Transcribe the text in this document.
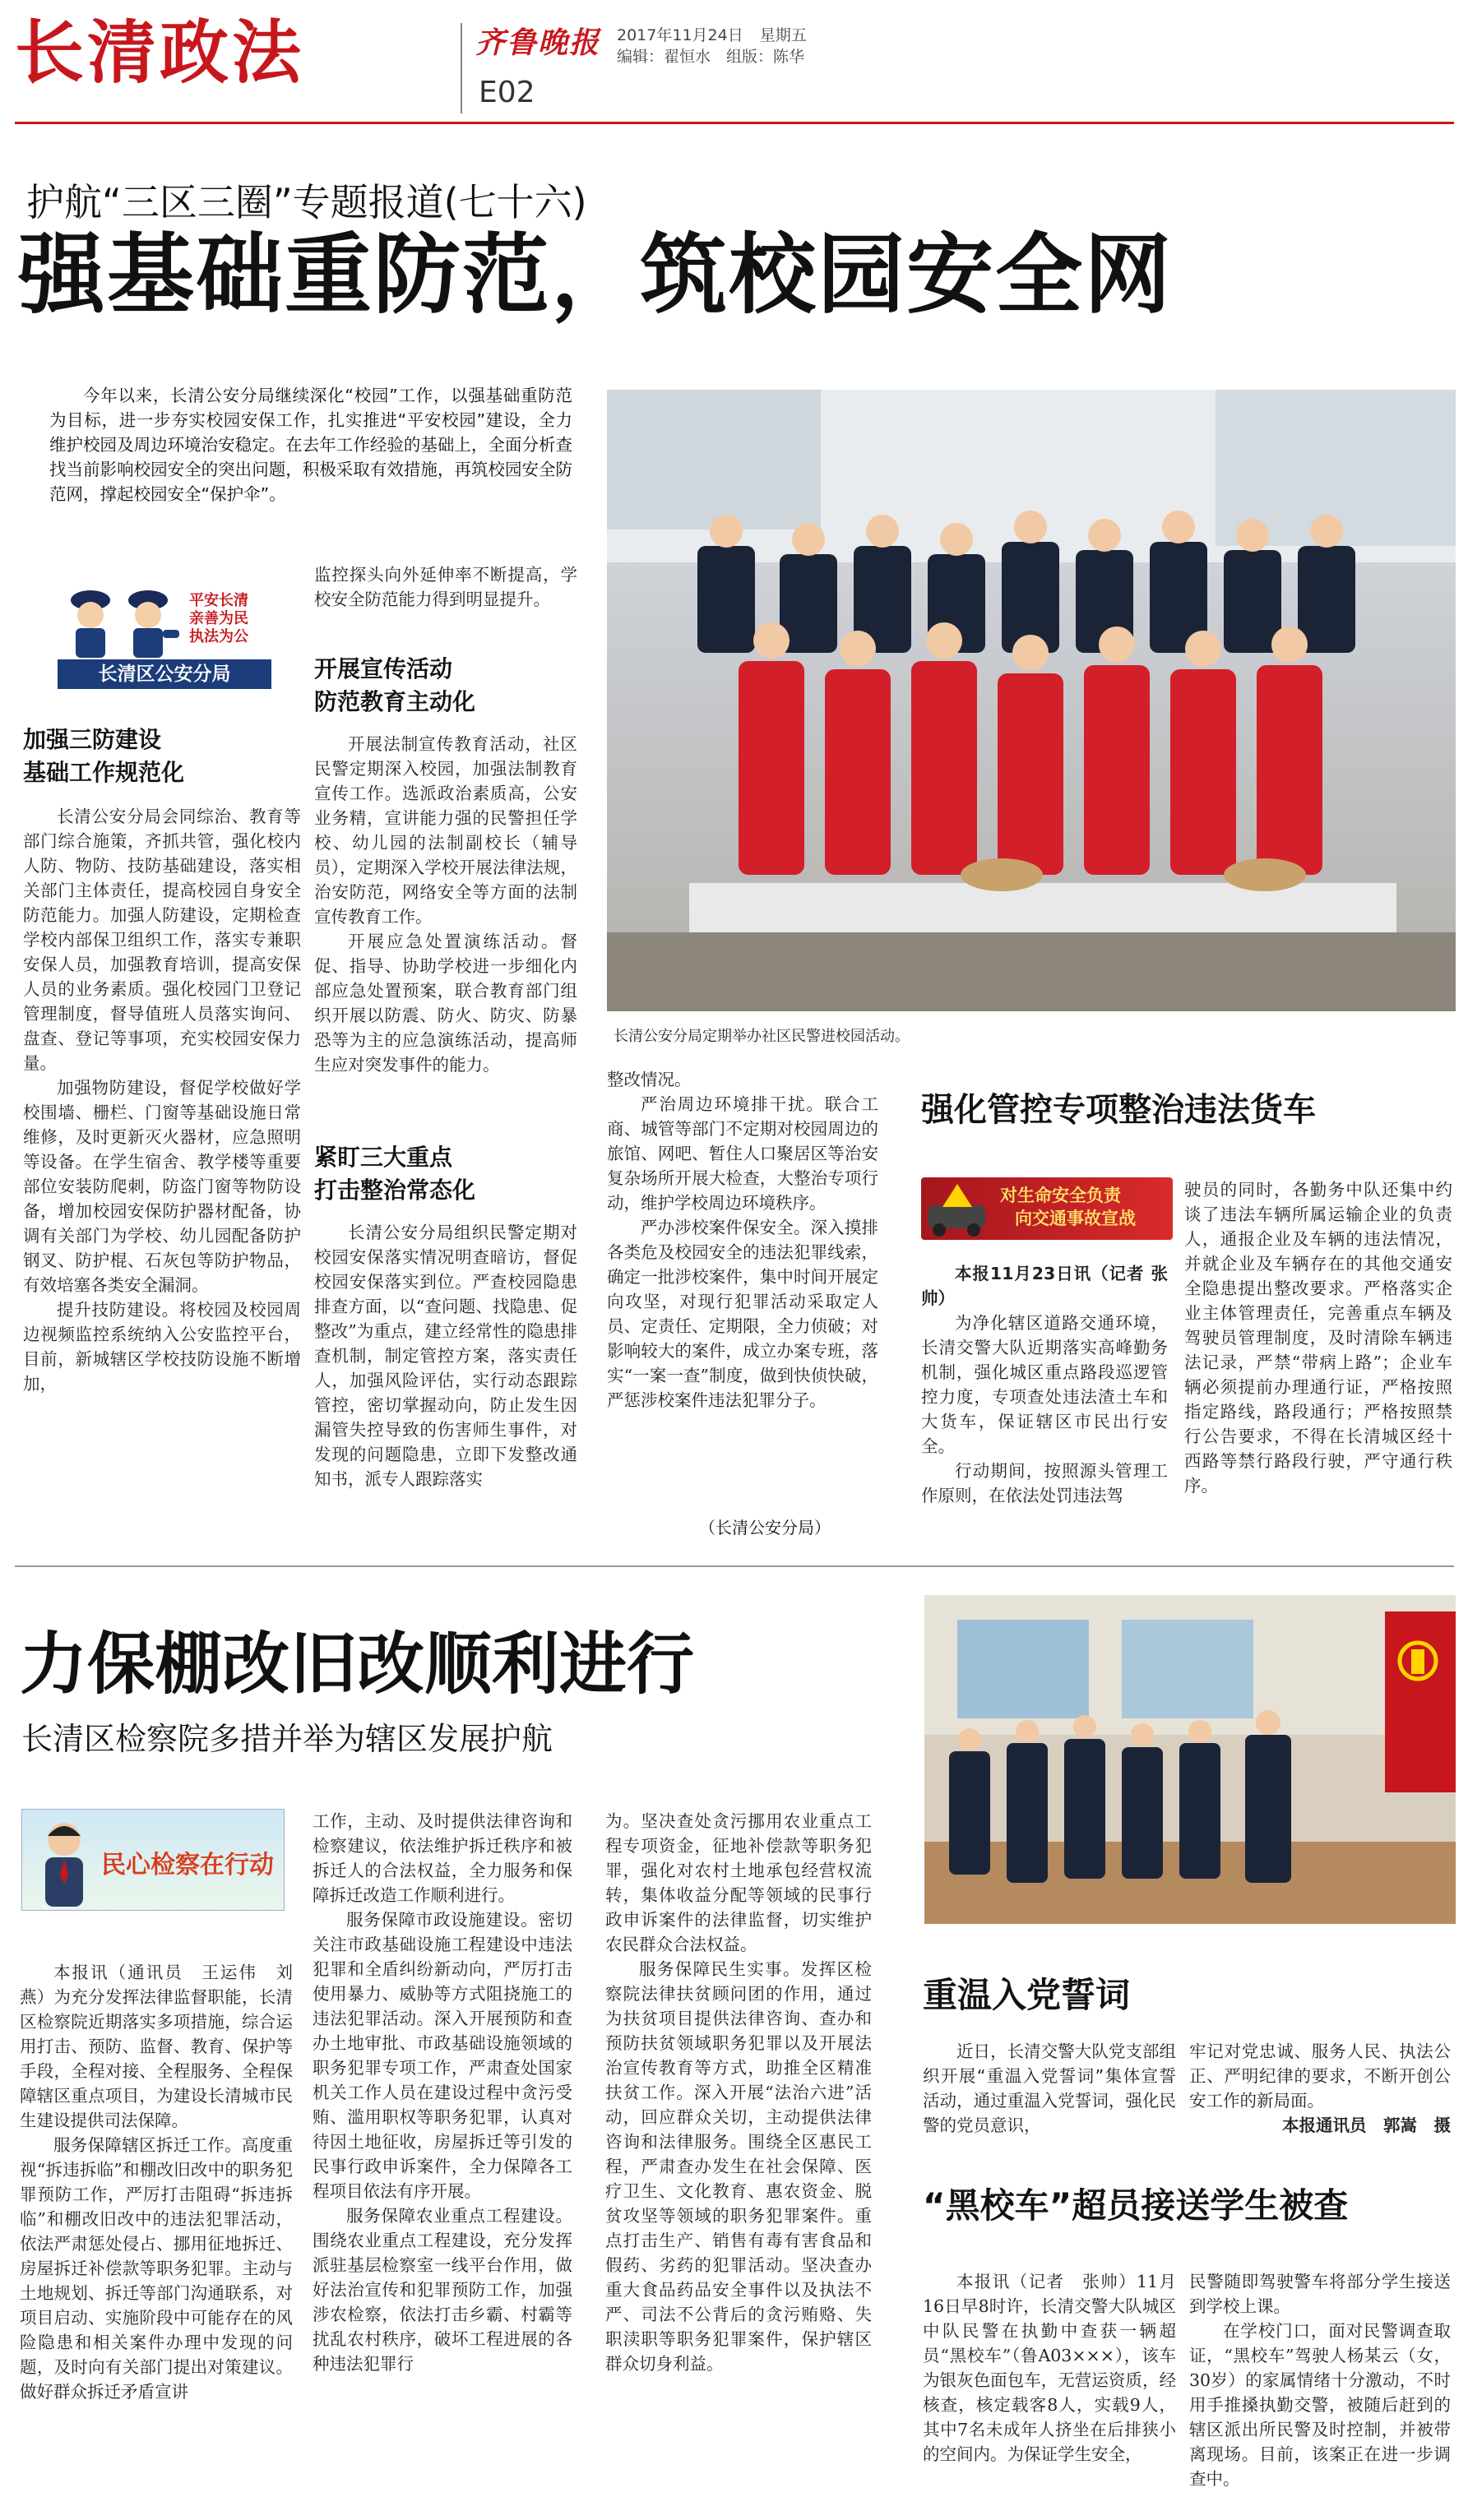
长清政法	齐鲁晚报 2017年11月24日 星期五
编辑：翟恒水　组版：陈华
E02
护航“三区三圈”专题报道(七十六)
强基础重防范，筑校园安全网

今年以来，长清公安分局继续深化“校园”工作，以强基础重防范为目标，进一步夯实校园安保工作，扎实推进“平安校园”建设，全力维护校园及周边环境治安稳定。在去年工作经验的基础上，全面分析查找当前影响校园安全的突出问题，积极采取有效措施，再筑校园安全防范网，撑起校园安全“保护伞”。

平安长清
亲善为民
执法为公
长清区公安分局
加强三防建设
基础工作规范化

长清公安分局会同综治、教育等部门综合施策，齐抓共管，强化校内人防、物防、技防基础建设，落实相关部门主体责任，提高校园自身安全防范能力。加强人防建设，定期检查学校内部保卫组织工作，落实专兼职安保人员，加强教育培训，提高安保人员的业务素质。强化校园门卫登记管理制度，督导值班人员落实询问、盘查、登记等事项，充实校园安保力量。

加强物防建设，督促学校做好学校围墙、栅栏、门窗等基础设施日常维修，及时更新灭火器材，应急照明等设备。在学生宿舍、教学楼等重要部位安装防爬刺，防盗门窗等物防设备，增加校园安保防护器材配备，协调有关部门为学校、幼儿园配备防护钢叉、防护棍、石灰包等防护物品，有效培塞各类安全漏洞。

提升技防建设。将校园及校园周边视频监控系统纳入公安监控平台，目前，新城辖区学校技防设施不断增加，

监控探头向外延伸率不断提高，学校安全防范能力得到明显提升。

开展宣传活动
防范教育主动化

开展法制宣传教育活动，社区民警定期深入校园，加强法制教育宣传工作。选派政治素质高，公安业务精，宣讲能力强的民警担任学校、幼儿园的法制副校长（辅导员），定期深入学校开展法律法规，治安防范，网络安全等方面的法制宣传教育工作。

开展应急处置演练活动。督促、指导、协助学校进一步细化内部应急处置预案，联合教育部门组织开展以防震、防火、防灾、防暴恐等为主的应急演练活动，提高师生应对突发事件的能力。

紧盯三大重点
打击整治常态化

长清公安分局组织民警定期对校园安保落实情况明查暗访，督促校园安保落实到位。严查校园隐患排查方面，以“查问题、找隐患、促整改”为重点，建立经常性的隐患排查机制，制定管控方案，落实责任人，加强风险评估，实行动态跟踪管控，密切掌握动向，防止发生因漏管失控导致的伤害师生事件，对发现的问题隐患，立即下发整改通知书，派专人跟踪落实

长清公安分局定期举办社区民警进校园活动。

整改情况。

严治周边环境排干扰。联合工商、城管等部门不定期对校园周边的旅馆、网吧、暂住人口聚居区等治安复杂场所开展大检查，大整治专项行动，维护学校周边环境秩序。

严办涉校案件保安全。深入摸排各类危及校园安全的违法犯罪线索，确定一批涉校案件，集中时间开展定向攻坚，对现行犯罪活动采取定人员、定责任、定期限，全力侦破；对影响较大的案件，成立办案专班，落实“一案一查”制度，做到快侦快破，严惩涉校案件违法犯罪分子。

（长清公安分局）
强化管控专项整治违法货车
对生命安全负责
向交通事故宣战

本报11月23日讯（记者 张帅）

为净化辖区道路交通环境，长清交警大队近期落实高峰勤务机制，强化城区重点路段巡逻管控力度，专项查处违法渣土车和大货车，保证辖区市民出行安全。

行动期间，按照源头管理工作原则，在依法处罚违法驾

驶员的同时，各勤务中队还集中约谈了违法车辆所属运输企业的负责人，通报企业及车辆的违法情况，并就企业及车辆存在的其他交通安全隐患提出整改要求。严格落实企业主体管理责任，完善重点车辆及驾驶员管理制度，及时清除车辆违法记录，严禁“带病上路”；企业车辆必须提前办理通行证，严格按照指定路线，路段通行；严格按照禁行公告要求，不得在长清城区经十西路等禁行路段行驶，严守通行秩序。

力保棚改旧改顺利进行
长清区检察院多措并举为辖区发展护航
民心检察在行动

本报讯（通讯员　王运伟　刘燕）为充分发挥法律监督职能，长清区检察院近期落实多项措施，综合运用打击、预防、监督、教育、保护等手段，全程对接、全程服务、全程保障辖区重点项目，为建设长清城市民生建设提供司法保障。

服务保障辖区拆迁工作。高度重视“拆违拆临”和棚改旧改中的职务犯罪预防工作，严厉打击阻碍“拆违拆临”和棚改旧改中的违法犯罪活动，依法严肃惩处侵占、挪用征地拆迁、房屋拆迁补偿款等职务犯罪。主动与土地规划、拆迁等部门沟通联系，对项目启动、实施阶段中可能存在的风险隐患和相关案件办理中发现的问题，及时向有关部门提出对策建议。做好群众拆迁矛盾宣讲

工作，主动、及时提供法律咨询和检察建议，依法维护拆迁秩序和被拆迁人的合法权益，全力服务和保障拆迁改造工作顺利进行。

服务保障市政设施建设。密切关注市政基础设施工程建设中违法犯罪和全盾纠纷新动向，严厉打击使用暴力、威胁等方式阻挠施工的违法犯罪活动。深入开展预防和查办土地审批、市政基础设施领域的职务犯罪专项工作，严肃查处国家机关工作人员在建设过程中贪污受贿、滥用职权等职务犯罪，认真对待因土地征收，房屋拆迁等引发的民事行政申诉案件，全力保障各工程项目依法有序开展。

服务保障农业重点工程建设。围绕农业重点工程建设，充分发挥派驻基层检察室一线平台作用，做好法治宣传和犯罪预防工作，加强涉农检察，依法打击乡霸、村霸等扰乱农村秩序，破坏工程进展的各种违法犯罪行

为。坚决查处贪污挪用农业重点工程专项资金，征地补偿款等职务犯罪，强化对农村土地承包经营权流转，集体收益分配等领域的民事行政申诉案件的法律监督，切实维护农民群众合法权益。

服务保障民生实事。发挥区检察院法律扶贫顾问团的作用，通过为扶贫项目提供法律咨询、查办和预防扶贫领域职务犯罪以及开展法治宣传教育等方式，助推全区精准扶贫工作。深入开展“法治六进”活动，回应群众关切，主动提供法律咨询和法律服务。围绕全区惠民工程，严肃查办发生在社会保障、医疗卫生、文化教育、惠农资金、脱贫攻坚等领域的职务犯罪案件。重点打击生产、销售有毒有害食品和假药、劣药的犯罪活动。坚决查办重大食品药品安全事件以及执法不严、司法不公背后的贪污贿赂、失职渎职等职务犯罪案件，保护辖区群众切身利益。

重温入党誓词

近日，长清交警大队党支部组织开展“重温入党誓词”集体宣誓活动，通过重温入党誓词，强化民警的党员意识，

牢记对党忠诚、服务人民、执法公正、严明纪律的要求，不断开创公安工作的新局面。

本报通讯员　郭嵩　摄

“黑校车”超员接送学生被查

本报讯（记者　张帅）11月16日早8时许，长清交警大队城区中队民警在执勤中查获一辆超员“黑校车”（鲁A03×××），该车为银灰色面包车，无营运资质，经核查，核定载客8人，实载9人，其中7名未成年人挤坐在后排狭小的空间内。为保证学生安全，

民警随即驾驶警车将部分学生接送到学校上课。

在学校门口，面对民警调查取证，“黑校车”驾驶人杨某云（女，30岁）的家属情绪十分激动，不时用手推搡执勤交警，被随后赶到的辖区派出所民警及时控制，并被带离现场。目前，该案正在进一步调查中。
